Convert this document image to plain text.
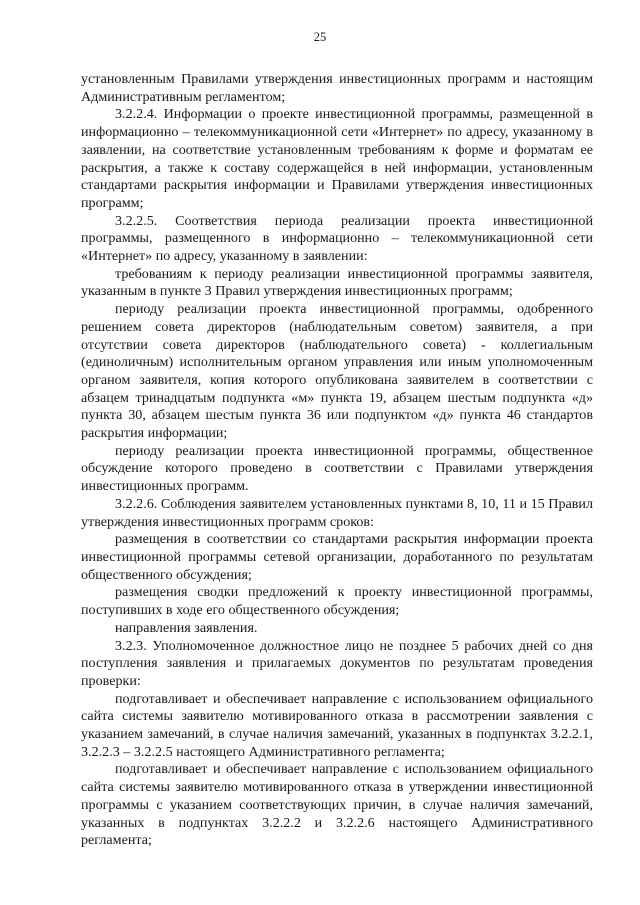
25

установленным Правилами утверждения инвестиционных программ и настоящим Административным регламентом;

3.2.2.4. Информации о проекте инвестиционной программы, размещенной в информационно – телекоммуникационной сети «Интернет» по адресу, указанному в заявлении, на соответствие установленным требованиям к форме и форматам ее раскрытия, а также к составу содержащейся в ней информации, установленным стандартами раскрытия информации и Правилами утверждения инвестиционных программ;

3.2.2.5. Соответствия периода реализации проекта инвестиционной программы, размещенного в информационно – телекоммуникационной сети «Интернет» по адресу, указанному в заявлении:

требованиям к периоду реализации инвестиционной программы заявителя, указанным в пункте 3 Правил утверждения инвестиционных программ;

периоду реализации проекта инвестиционной программы, одобренного решением совета директоров (наблюдательным советом) заявителя, а при отсутствии совета директоров (наблюдательного совета) - коллегиальным (единоличным) исполнительным органом управления или иным уполномоченным органом заявителя, копия которого опубликована заявителем в соответствии с абзацем тринадцатым подпункта «м» пункта 19, абзацем шестым подпункта «д» пункта 30, абзацем шестым пункта 36 или подпунктом «д» пункта 46 стандартов раскрытия информации;

периоду реализации проекта инвестиционной программы, общественное обсуждение которого проведено в соответствии с Правилами утверждения инвестиционных программ.

3.2.2.6. Соблюдения заявителем установленных пунктами 8, 10, 11 и 15 Правил утверждения инвестиционных программ сроков:

размещения в соответствии со стандартами раскрытия информации проекта инвестиционной программы сетевой организации, доработанного по результатам общественного обсуждения;

размещения сводки предложений к проекту инвестиционной программы, поступивших в ходе его общественного обсуждения;

направления заявления.

3.2.3. Уполномоченное должностное лицо не позднее 5 рабочих дней со дня поступления заявления и прилагаемых документов по результатам проведения проверки:

подготавливает и обеспечивает направление с использованием официального сайта системы заявителю мотивированного отказа в рассмотрении заявления с указанием замечаний, в случае наличия замечаний, указанных в подпунктах 3.2.2.1, 3.2.2.3 – 3.2.2.5 настоящего Административного регламента;

подготавливает и обеспечивает направление с использованием официального сайта системы заявителю мотивированного отказа в утверждении инвестиционной программы с указанием соответствующих причин, в случае наличия замечаний, указанных в подпунктах 3.2.2.2 и 3.2.2.6 настоящего Административного регламента;
